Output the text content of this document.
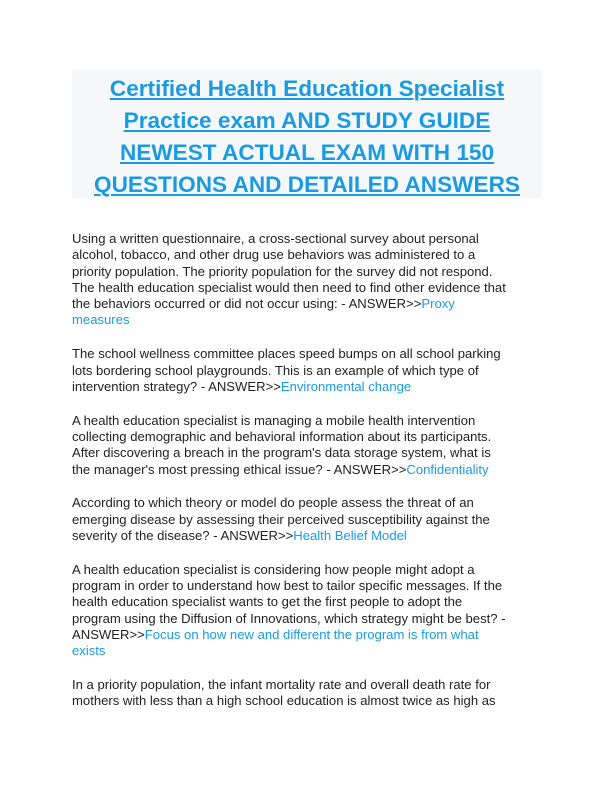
Certified Health Education Specialist
Practice exam AND STUDY GUIDE
NEWEST ACTUAL EXAM WITH 150
QUESTIONS AND DETAILED ANSWERS

Using a written questionnaire, a cross-sectional survey about personal
alcohol, tobacco, and other drug use behaviors was administered to a
priority population. The priority population for the survey did not respond.
The health education specialist would then need to find other evidence that
the behaviors occurred or did not occur using: - ANSWER>>Proxy
measures

The school wellness committee places speed bumps on all school parking
lots bordering school playgrounds. This is an example of which type of
intervention strategy? - ANSWER>>Environmental change

A health education specialist is managing a mobile health intervention
collecting demographic and behavioral information about its participants.
After discovering a breach in the program's data storage system, what is
the manager's most pressing ethical issue? - ANSWER>>Confidentiality

According to which theory or model do people assess the threat of an
emerging disease by assessing their perceived susceptibility against the
severity of the disease? - ANSWER>>Health Belief Model

A health education specialist is considering how people might adopt a
program in order to understand how best to tailor specific messages. If the
health education specialist wants to get the first people to adopt the
program using the Diffusion of Innovations, which strategy might be best? -
ANSWER>>Focus on how new and different the program is from what
exists

In a priority population, the infant mortality rate and overall death rate for
mothers with less than a high school education is almost twice as high as
